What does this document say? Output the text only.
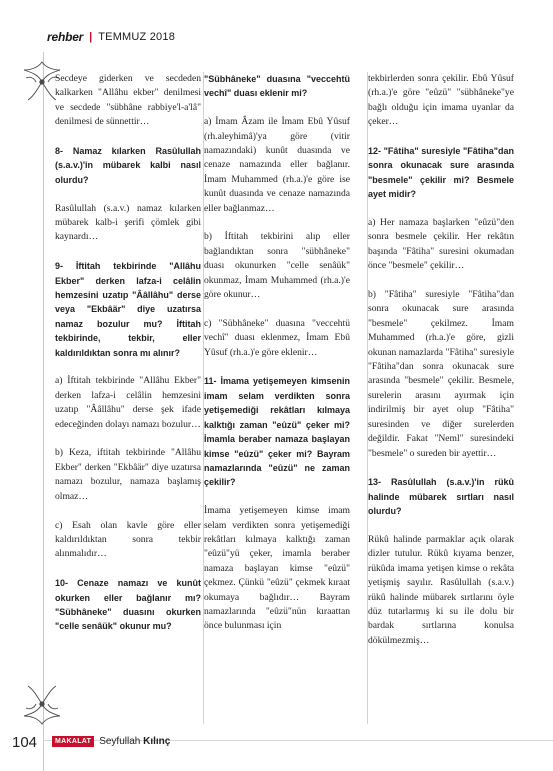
rehber | TEMMUZ 2018

Secdeye giderken ve secdeden kalkarken "Allâhu ekber" denilmesi ve secdede "sübhâne rabbiye'l-a'lâ" denilmesi de sünnettir…

8- Namaz kılarken Rasûlullah (s.a.v.)'in mübarek kalbi nasıl olurdu?

Rasûlullah (s.a.v.) namaz kılarken mübarek kalb-i şerifi çömlek gibi kaynardı…

9- İftitah tekbirinde "Allâhu Ekber" derken lafza-i celâlin hemzesini uzatıp "Ââllâhu" derse veya "Ekbâär" diye uzatırsa namaz bozulur mu? İftitah tekbirinde, tekbir, eller kaldırıldıktan sonra mı alınır?

a) İftitah tekbirinde "Allâhu Ekber" derken lafza-i celâlin hemzesini uzatıp "Ââllâhu" derse şek ifade edeceğinden dolayı namazı bozulur…

b) Keza, iftitah tekbirinde "Allâhu Ekber" derken "Ekbâär" diye uzatırsa namazı bozulur, namaza başlamış olmaz…

c) Esah olan kavle göre eller kaldırıldıktan sonra tekbir alınmalıdır…

10- Cenaze namazı ve kunût okurken eller bağlanır mı? "Sübhâneke" duasını okurken "celle senâük" okunur mu?

"Sübhâneke" duasına "veccehtü vechî" duası eklenir mi?

a) İmam Âzam ile İmam Ebû Yûsuf (rh.aleyhimâ)'ya göre (vitir namazındaki) kunût duasında ve cenaze namazında eller bağlanır. İmam Muhammed (rh.a.)'e göre ise kunût duasında ve cenaze namazında eller bağlanmaz…

b) İftitah tekbirini alıp eller bağlandıktan sonra "sübhâneke" duası okunurken "celle senâük" okunmaz, İmam Muhammed (rh.a.)'e göre okunur…

c) "Sübhâneke" duasına "veccehtü vechî" duası eklenmez, İmam Ebû Yûsuf (rh.a.)'e göre eklenir…

11- İmama yetişemeyen kimsenin imam selam verdikten sonra yetişemediği rekâtları kılmaya kalktığı zaman "eûzü" çeker mi? İmamla beraber namaza başlayan kimse "eûzü" çeker mi? Bayram namazlarında "eûzü" ne zaman çekilir?

İmama yetişemeyen kimse imam selam verdikten sonra yetişemediği rekâtları kılmaya kalktığı zaman "eûzü"yü çeker, imamla beraber namaza başlayan kimse "eûzü" çekmez. Çünkü "eûzü" çekmek kıraat okumaya bağlıdır… Bayram namazlarında "eûzü"nün kıraattan önce bulunması için

tekbirlerden sonra çekilir. Ebû Yûsuf (rh.a.)'e göre "eûzü" "sübhâneke"ye bağlı olduğu için imama uyanlar da çeker…

12- "Fâtiha" suresiyle "Fâtiha"dan sonra okunacak sure arasında "besmele" çekilir mi? Besmele ayet midir?

a) Her namaza başlarken "eûzü"den sonra besmele çekilir. Her rekâtın başında "Fâtiha" suresini okumadan önce "besmele" çekilir…

b) "Fâtiha" suresiyle "Fâtiha"dan sonra okunacak sure arasında "besmele" çekilmez. İmam Muhammed (rh.a.)'e göre, gizli okunan namazlarda "Fâtiha" suresiyle "Fâtiha"dan sonra okunacak sure arasında "besmele" çekilir. Besmele, surelerin arasını ayırmak için indirilmiş bir ayet olup "Fâtiha" suresinden ve diğer surelerden değildir. Fakat "Neml" suresindeki "besmele" o sureden bir ayettir…

13- Rasûlullah (s.a.v.)'in rükû halinde mübarek sırtları nasıl olurdu?

Rükû halinde parmaklar açık olarak dizler tutulur. Rükû kıyama benzer, rükûda imama yetişen kimse o rekâta yetişmiş sayılır. Rasûlullah (s.a.v.) rükû halinde mübarek sırtlarını öyle düz tutarlarmış ki su ile dolu bir bardak sırtlarına konulsa dökülmezmiş…

104	MAKALAT Seyfullah Kılınç
